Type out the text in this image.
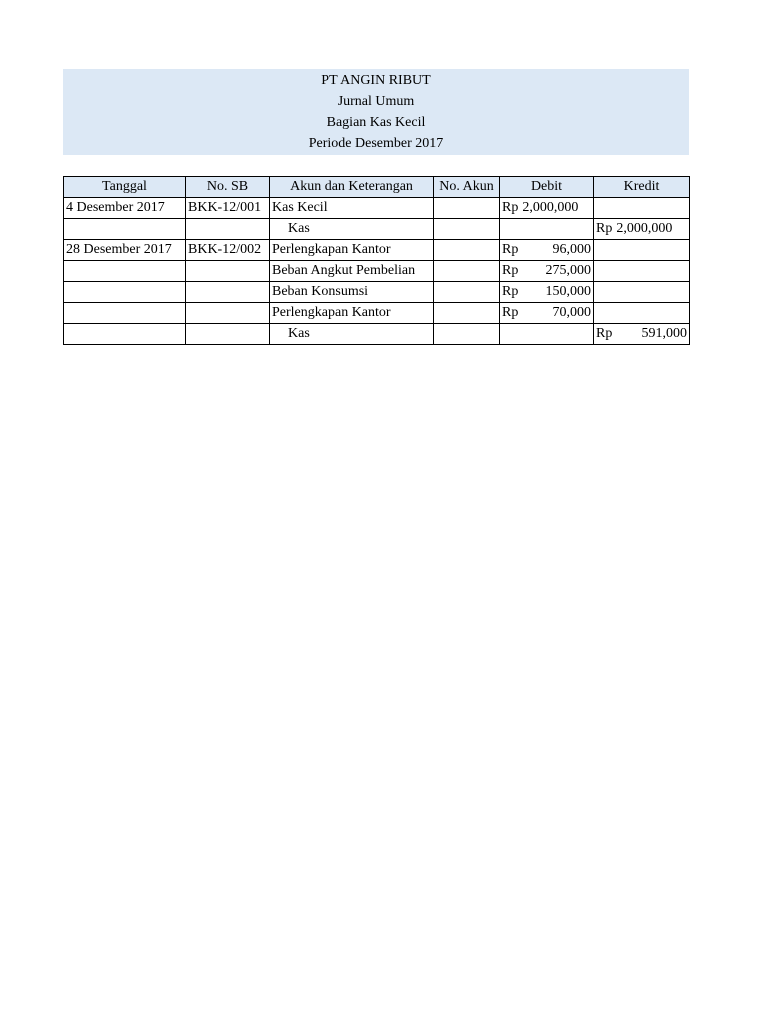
PT ANGIN RIBUT
Jurnal Umum
Bagian Kas Kecil
Periode Desember 2017
Tanggal	No. SB	Akun dan Keterangan	No. Akun	Debit	Kredit
4 Desember 2017	BKK-12/001	Kas Kecil		Rp 2,000,000	

		Kas			Rp 2,000,000

28 Desember 2017	BKK-12/002	Perlengkapan Kantor		Rp 96,000	

		Beban Angkut Pembelian		Rp 275,000	

		Beban Konsumsi		Rp 150,000	

		Perlengkapan Kantor		Rp 70,000	

		Kas			Rp 591,000
